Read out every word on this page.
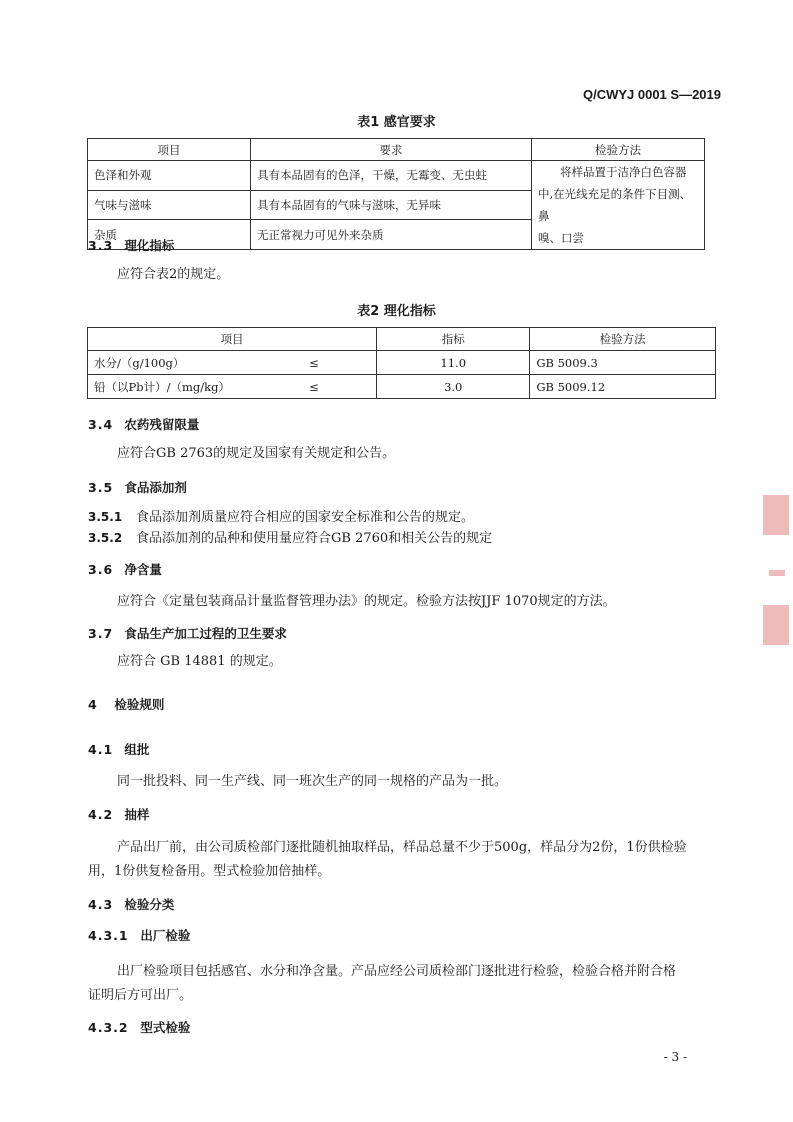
Q/CWYJ 0001 S—2019
表1 感官要求
项目	要求	检验方法
色泽和外观	具有本品固有的色泽，干燥，无霉变、无虫蛀	将样品置于洁净白色容器
中,在光线充足的条件下目测、鼻
嗅、口尝

气味与滋味	具有本品固有的气味与滋味，无异味	
杂质	无正常视力可见外来杂质	
3.3 理化指标
应符合表2的规定。
表2 理化指标
项目		指标	检验方法
水分/（g/100g）	≤	11.0	GB 5009.3
铅（以Pb计）/（mg/kg）	≤	3.0	GB 5009.12
3.4 农药残留限量
应符合GB 2763的规定及国家有关规定和公告。
3.5 食品添加剂
3.5.1 食品添加剂质量应符合相应的国家安全标准和公告的规定。
3.5.2 食品添加剂的品种和使用量应符合GB 2760和相关公告的规定
3.6 净含量
应符合《定量包装商品计量监督管理办法》的规定。检验方法按JJF 1070规定的方法。
3.7 食品生产加工过程的卫生要求
应符合 GB 14881 的规定。
4 检验规则
4.1 组批
同一批投料、同一生产线、同一班次生产的同一规格的产品为一批。
4.2 抽样
产品出厂前，由公司质检部门逐批随机抽取样品，样品总量不少于500g，样品分为2份，1份供检验
用，1份供复检备用。型式检验加倍抽样。
4.3 检验分类
4.3.1 出厂检验
出厂检验项目包括感官、水分和净含量。产品应经公司质检部门逐批进行检验，检验合格并附合格
证明后方可出厂。
4.3.2 型式检验
- 3 -
